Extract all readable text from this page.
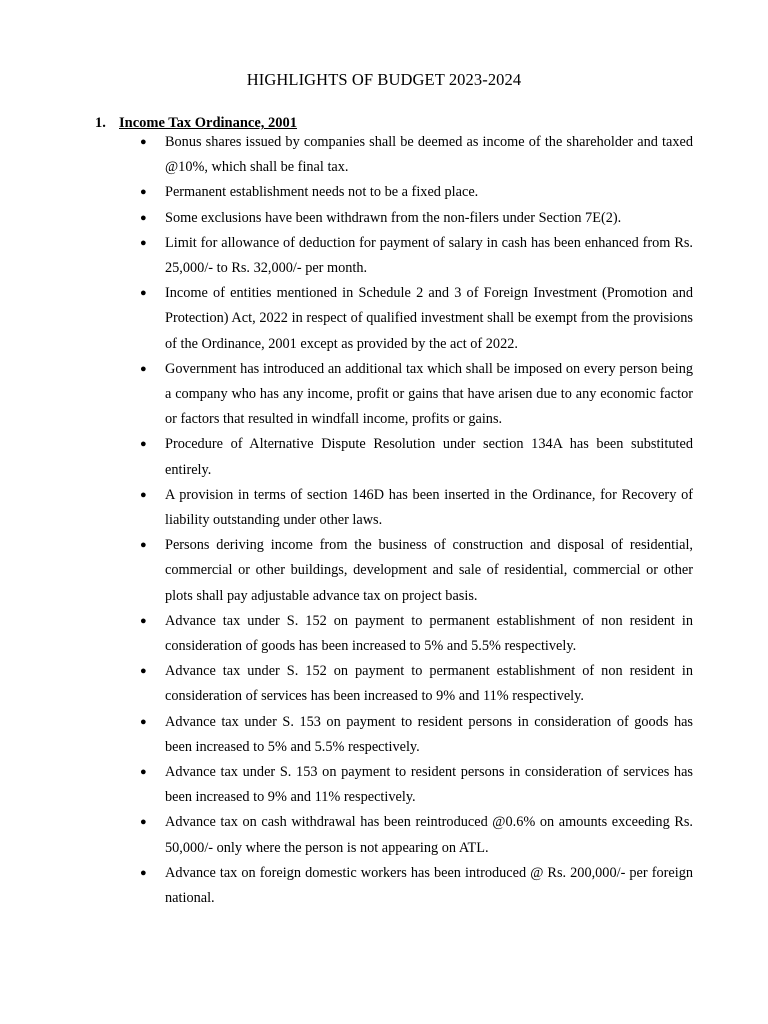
HIGHLIGHTS OF BUDGET 2023-2024
1. Income Tax Ordinance, 2001
● Bonus shares issued by companies shall be deemed as income of the shareholder and taxed @10%, which shall be final tax.
● Permanent establishment needs not to be a fixed place.
● Some exclusions have been withdrawn from the non-filers under Section 7E(2).
● Limit for allowance of deduction for payment of salary in cash has been enhanced from Rs. 25,000/- to Rs. 32,000/- per month.
● Income of entities mentioned in Schedule 2 and 3 of Foreign Investment (Promotion and Protection) Act, 2022 in respect of qualified investment shall be exempt from the provisions of the Ordinance, 2001 except as provided by the act of 2022.
● Government has introduced an additional tax which shall be imposed on every person being a company who has any income, profit or gains that have arisen due to any economic factor or factors that resulted in windfall income, profits or gains.
● Procedure of Alternative Dispute Resolution under section 134A has been substituted entirely.
● A provision in terms of section 146D has been inserted in the Ordinance, for Recovery of liability outstanding under other laws.
● Persons deriving income from the business of construction and disposal of residential, commercial or other buildings, development and sale of residential, commercial or other plots shall pay adjustable advance tax on project basis.
● Advance tax under S. 152 on payment to permanent establishment of non resident in consideration of goods has been increased to 5% and 5.5% respectively.
● Advance tax under S. 152 on payment to permanent establishment of non resident in consideration of services has been increased to 9% and 11% respectively.
● Advance tax under S. 153 on payment to resident persons in consideration of goods has been increased to 5% and 5.5% respectively.
● Advance tax under S. 153 on payment to resident persons in consideration of services has been increased to 9% and 11% respectively.
● Advance tax on cash withdrawal has been reintroduced @0.6% on amounts exceeding Rs. 50,000/- only where the person is not appearing on ATL.
● Advance tax on foreign domestic workers has been introduced @ Rs. 200,000/- per foreign national.
